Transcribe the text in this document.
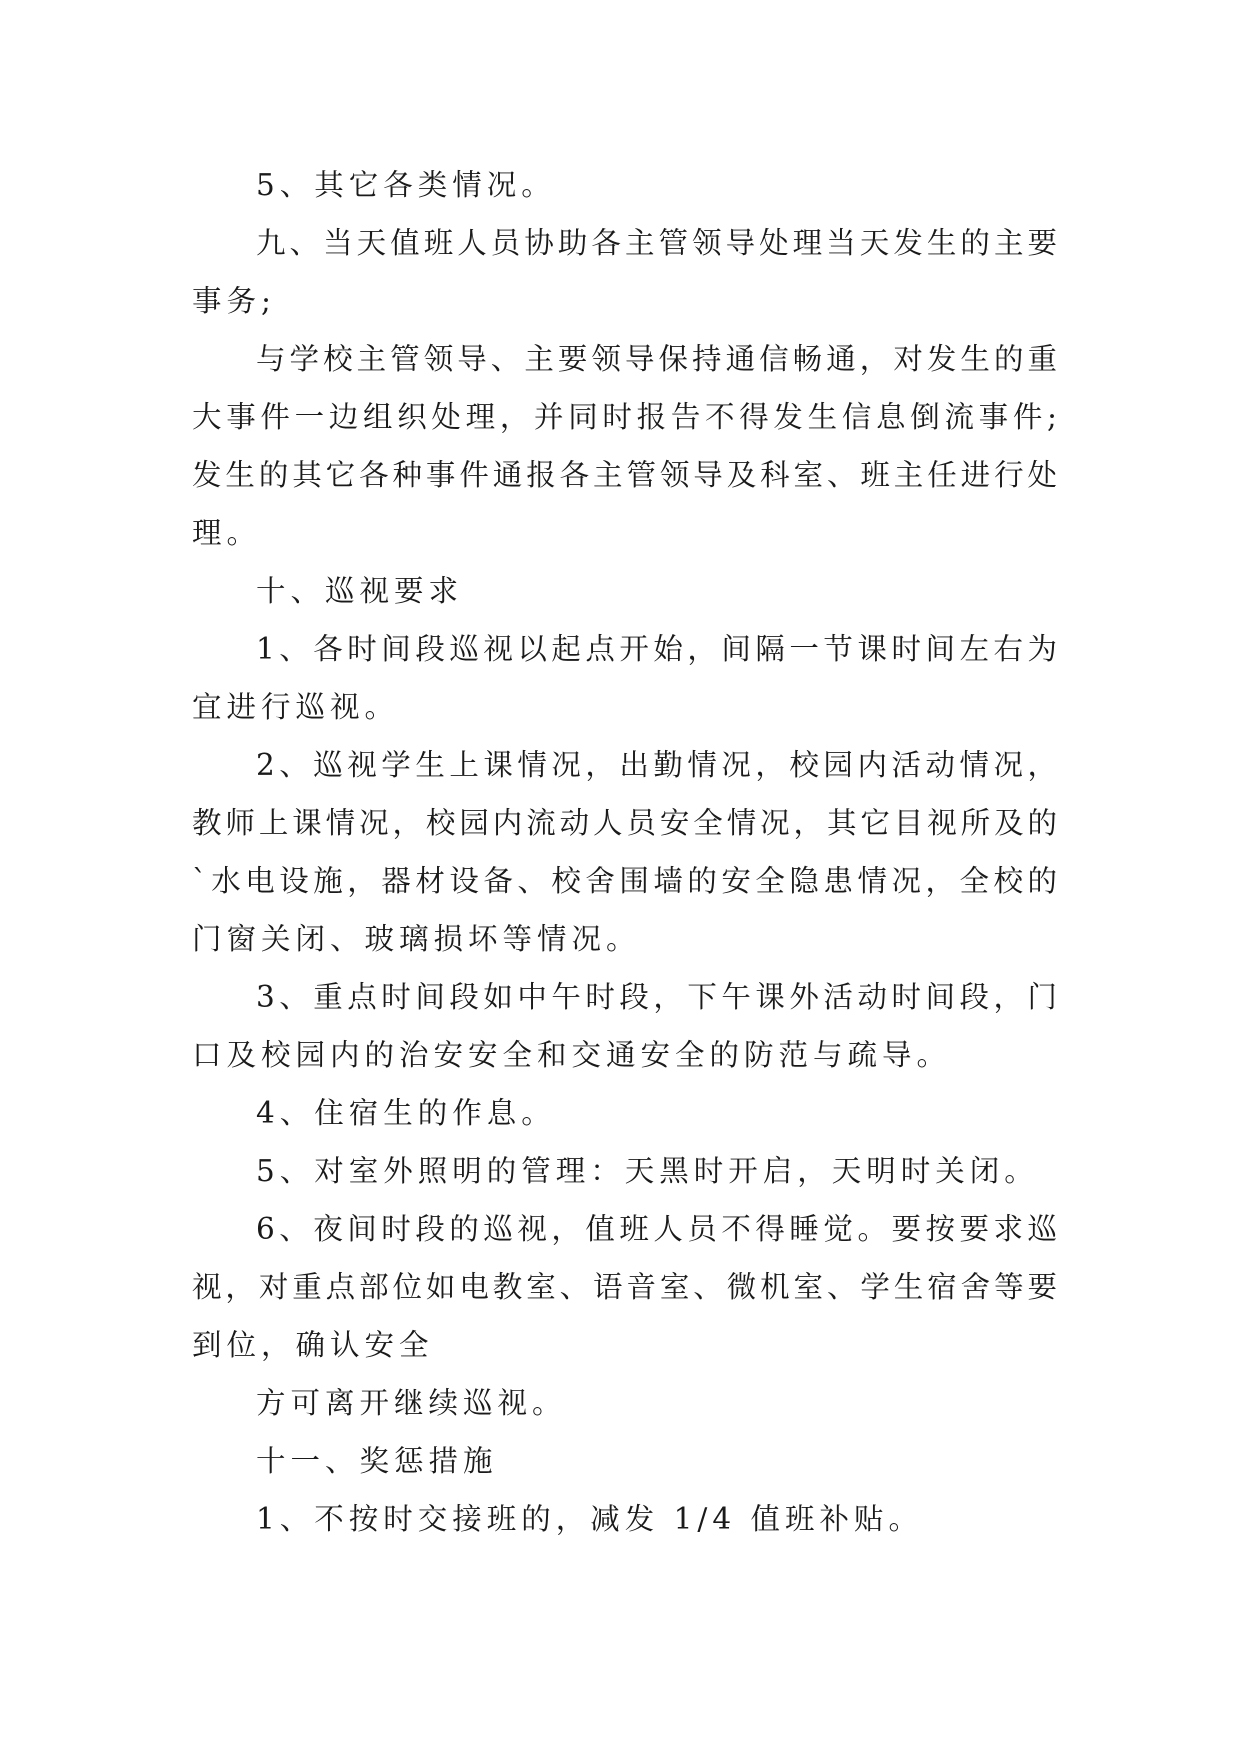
5、其它各类情况。
九、当天值班人员协助各主管领导处理当天发生的主要
事务;
与学校主管领导、主要领导保持通信畅通，对发生的重
大事件一边组织处理，并同时报告不得发生信息倒流事件;
发生的其它各种事件通报各主管领导及科室、班主任进行处
理。
十、巡视要求
1、各时间段巡视以起点开始，间隔一节课时间左右为
宜进行巡视。
2、巡视学生上课情况，出勤情况，校园内活动情况，
教师上课情况，校园内流动人员安全情况，其它目视所及的
`水电设施，器材设备、校舍围墙的安全隐患情况，全校的
门窗关闭、玻璃损坏等情况。
3、重点时间段如中午时段，下午课外活动时间段，门
口及校园内的治安安全和交通安全的防范与疏导。
4、住宿生的作息。
5、对室外照明的管理：天黑时开启，天明时关闭。
6、夜间时段的巡视，值班人员不得睡觉。要按要求巡
视，对重点部位如电教室、语音室、微机室、学生宿舍等要
到位，确认安全
方可离开继续巡视。
十一、奖惩措施
1、不按时交接班的，减发 1/4 值班补贴。
